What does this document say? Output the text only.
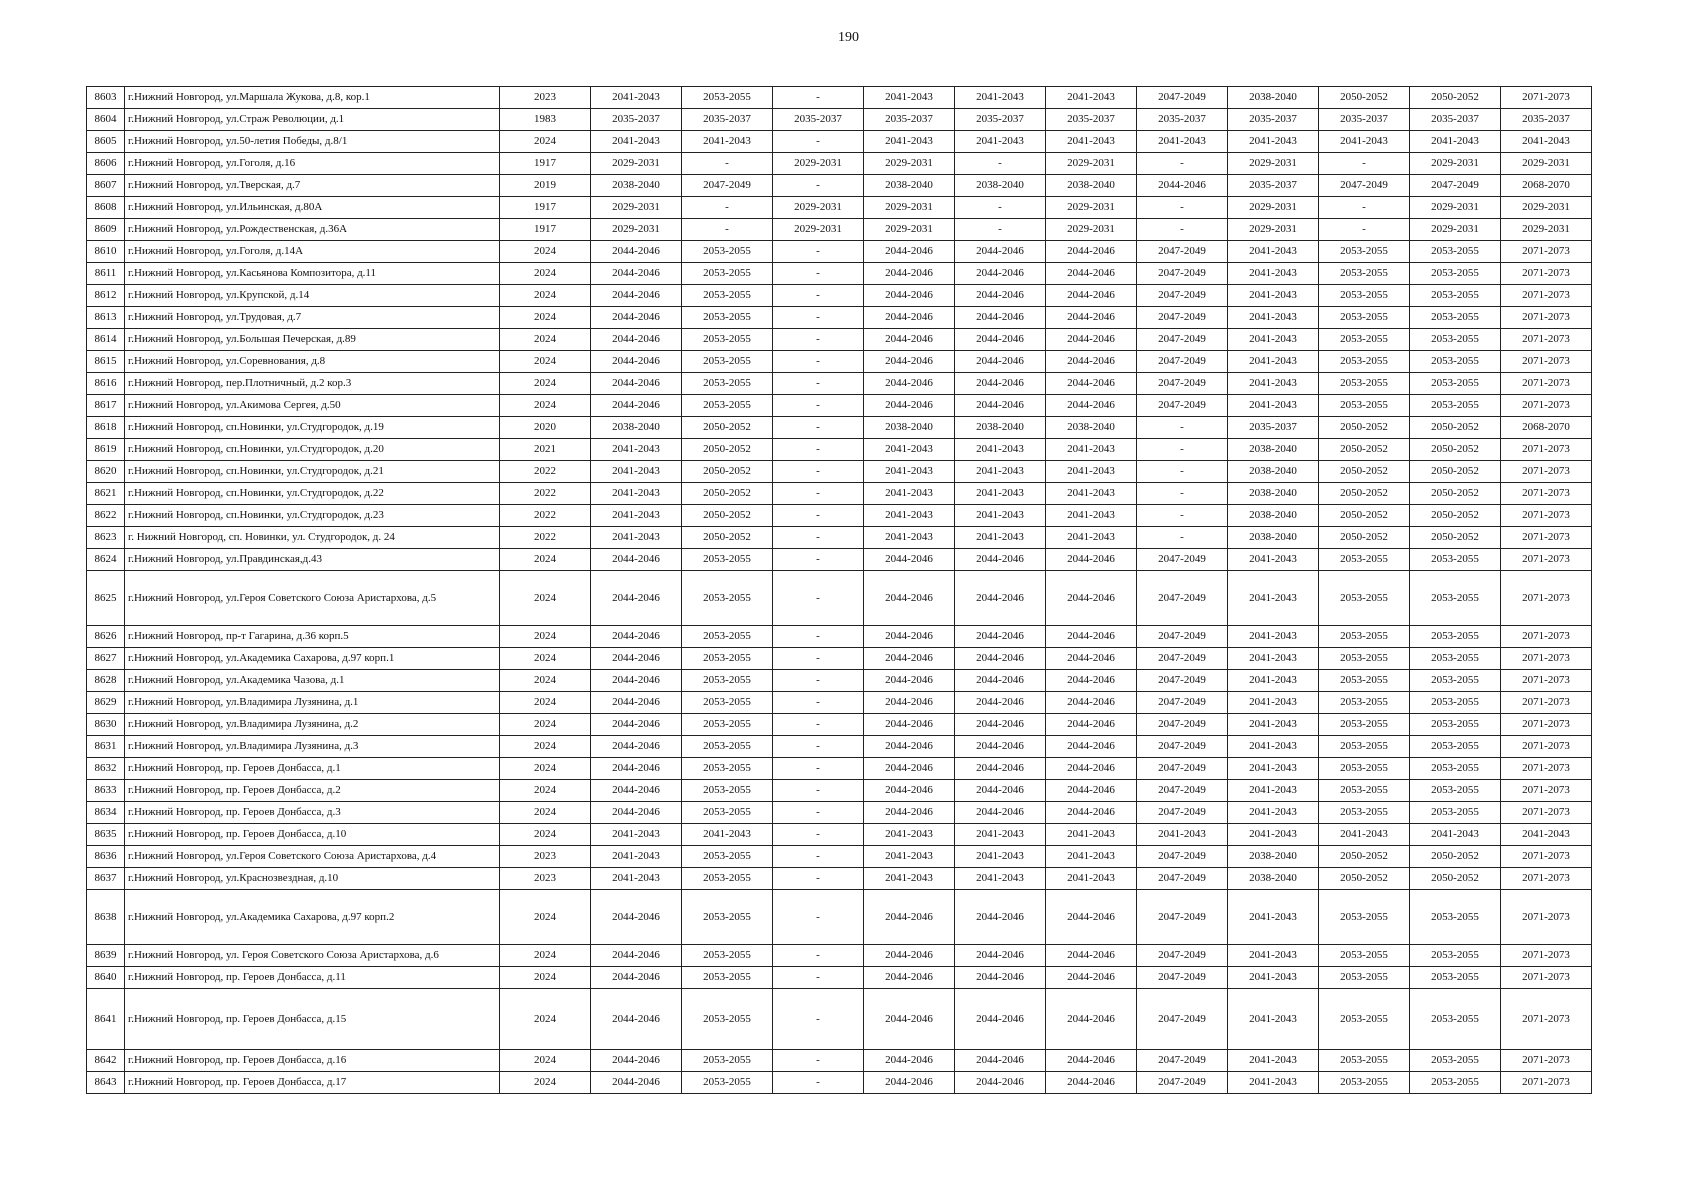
190
8603	г.Нижний Новгород, ул.Маршала Жукова, д.8, кор.1	2023	2041-2043	2053-2055	-	2041-2043	2041-2043	2041-2043	2047-2049	2038-2040	2050-2052	2050-2052	2071-2073
8604	г.Нижний Новгород, ул.Страж Революции, д.1	1983	2035-2037	2035-2037	2035-2037	2035-2037	2035-2037	2035-2037	2035-2037	2035-2037	2035-2037	2035-2037	2035-2037
8605	г.Нижний Новгород, ул.50-летия Победы, д.8/1	2024	2041-2043	2041-2043	-	2041-2043	2041-2043	2041-2043	2041-2043	2041-2043	2041-2043	2041-2043	2041-2043
8606	г.Нижний Новгород, ул.Гоголя, д.16	1917	2029-2031	-	2029-2031	2029-2031	-	2029-2031	-	2029-2031	-	2029-2031	2029-2031
8607	г.Нижний Новгород, ул.Тверская, д.7	2019	2038-2040	2047-2049	-	2038-2040	2038-2040	2038-2040	2044-2046	2035-2037	2047-2049	2047-2049	2068-2070
8608	г.Нижний Новгород, ул.Ильинская, д.80А	1917	2029-2031	-	2029-2031	2029-2031	-	2029-2031	-	2029-2031	-	2029-2031	2029-2031
8609	г.Нижний Новгород, ул.Рождественская, д.36А	1917	2029-2031	-	2029-2031	2029-2031	-	2029-2031	-	2029-2031	-	2029-2031	2029-2031
8610	г.Нижний Новгород, ул.Гоголя, д.14А	2024	2044-2046	2053-2055	-	2044-2046	2044-2046	2044-2046	2047-2049	2041-2043	2053-2055	2053-2055	2071-2073
8611	г.Нижний Новгород, ул.Касьянова Композитора, д.11	2024	2044-2046	2053-2055	-	2044-2046	2044-2046	2044-2046	2047-2049	2041-2043	2053-2055	2053-2055	2071-2073
8612	г.Нижний Новгород, ул.Крупской, д.14	2024	2044-2046	2053-2055	-	2044-2046	2044-2046	2044-2046	2047-2049	2041-2043	2053-2055	2053-2055	2071-2073
8613	г.Нижний Новгород, ул.Трудовая, д.7	2024	2044-2046	2053-2055	-	2044-2046	2044-2046	2044-2046	2047-2049	2041-2043	2053-2055	2053-2055	2071-2073
8614	г.Нижний Новгород, ул.Большая Печерская, д.89	2024	2044-2046	2053-2055	-	2044-2046	2044-2046	2044-2046	2047-2049	2041-2043	2053-2055	2053-2055	2071-2073
8615	г.Нижний Новгород, ул.Соревнования, д.8	2024	2044-2046	2053-2055	-	2044-2046	2044-2046	2044-2046	2047-2049	2041-2043	2053-2055	2053-2055	2071-2073
8616	г.Нижний Новгород, пер.Плотничный, д.2 кор.3	2024	2044-2046	2053-2055	-	2044-2046	2044-2046	2044-2046	2047-2049	2041-2043	2053-2055	2053-2055	2071-2073
8617	г.Нижний Новгород, ул.Акимова Сергея, д.50	2024	2044-2046	2053-2055	-	2044-2046	2044-2046	2044-2046	2047-2049	2041-2043	2053-2055	2053-2055	2071-2073
8618	г.Нижний Новгород, сп.Новинки, ул.Студгородок, д.19	2020	2038-2040	2050-2052	-	2038-2040	2038-2040	2038-2040	-	2035-2037	2050-2052	2050-2052	2068-2070
8619	г.Нижний Новгород, сп.Новинки, ул.Студгородок, д.20	2021	2041-2043	2050-2052	-	2041-2043	2041-2043	2041-2043	-	2038-2040	2050-2052	2050-2052	2071-2073
8620	г.Нижний Новгород, сп.Новинки, ул.Студгородок, д.21	2022	2041-2043	2050-2052	-	2041-2043	2041-2043	2041-2043	-	2038-2040	2050-2052	2050-2052	2071-2073
8621	г.Нижний Новгород, сп.Новинки, ул.Студгородок, д.22	2022	2041-2043	2050-2052	-	2041-2043	2041-2043	2041-2043	-	2038-2040	2050-2052	2050-2052	2071-2073
8622	г.Нижний Новгород, сп.Новинки, ул.Студгородок, д.23	2022	2041-2043	2050-2052	-	2041-2043	2041-2043	2041-2043	-	2038-2040	2050-2052	2050-2052	2071-2073
8623	г. Нижний Новгород, сп. Новинки, ул. Студгородок, д. 24	2022	2041-2043	2050-2052	-	2041-2043	2041-2043	2041-2043	-	2038-2040	2050-2052	2050-2052	2071-2073
8624	г.Нижний Новгород, ул.Правдинская,д.43	2024	2044-2046	2053-2055	-	2044-2046	2044-2046	2044-2046	2047-2049	2041-2043	2053-2055	2053-2055	2071-2073
8625	г.Нижний Новгород, ул.Героя Советского Союза Аристархова, д.5	2024	2044-2046	2053-2055	-	2044-2046	2044-2046	2044-2046	2047-2049	2041-2043	2053-2055	2053-2055	2071-2073
8626	г.Нижний Новгород, пр-т Гагарина, д.36 корп.5	2024	2044-2046	2053-2055	-	2044-2046	2044-2046	2044-2046	2047-2049	2041-2043	2053-2055	2053-2055	2071-2073
8627	г.Нижний Новгород, ул.Академика Сахарова, д.97 корп.1	2024	2044-2046	2053-2055	-	2044-2046	2044-2046	2044-2046	2047-2049	2041-2043	2053-2055	2053-2055	2071-2073
8628	г.Нижний Новгород, ул.Академика Чазова, д.1	2024	2044-2046	2053-2055	-	2044-2046	2044-2046	2044-2046	2047-2049	2041-2043	2053-2055	2053-2055	2071-2073
8629	г.Нижний Новгород, ул.Владимира Лузянина, д.1	2024	2044-2046	2053-2055	-	2044-2046	2044-2046	2044-2046	2047-2049	2041-2043	2053-2055	2053-2055	2071-2073
8630	г.Нижний Новгород, ул.Владимира Лузянина, д.2	2024	2044-2046	2053-2055	-	2044-2046	2044-2046	2044-2046	2047-2049	2041-2043	2053-2055	2053-2055	2071-2073
8631	г.Нижний Новгород, ул.Владимира Лузянина, д.3	2024	2044-2046	2053-2055	-	2044-2046	2044-2046	2044-2046	2047-2049	2041-2043	2053-2055	2053-2055	2071-2073
8632	г.Нижний Новгород, пр. Героев Донбасса, д.1	2024	2044-2046	2053-2055	-	2044-2046	2044-2046	2044-2046	2047-2049	2041-2043	2053-2055	2053-2055	2071-2073
8633	г.Нижний Новгород, пр. Героев Донбасса, д.2	2024	2044-2046	2053-2055	-	2044-2046	2044-2046	2044-2046	2047-2049	2041-2043	2053-2055	2053-2055	2071-2073
8634	г.Нижний Новгород, пр. Героев Донбасса, д.3	2024	2044-2046	2053-2055	-	2044-2046	2044-2046	2044-2046	2047-2049	2041-2043	2053-2055	2053-2055	2071-2073
8635	г.Нижний Новгород, пр. Героев Донбасса, д.10	2024	2041-2043	2041-2043	-	2041-2043	2041-2043	2041-2043	2041-2043	2041-2043	2041-2043	2041-2043	2041-2043
8636	г.Нижний Новгород, ул.Героя Советского Союза Аристархова, д.4	2023	2041-2043	2053-2055	-	2041-2043	2041-2043	2041-2043	2047-2049	2038-2040	2050-2052	2050-2052	2071-2073
8637	г.Нижний Новгород, ул.Краснозвездная, д.10	2023	2041-2043	2053-2055	-	2041-2043	2041-2043	2041-2043	2047-2049	2038-2040	2050-2052	2050-2052	2071-2073
8638	г.Нижний Новгород, ул.Академика Сахарова, д.97 корп.2	2024	2044-2046	2053-2055	-	2044-2046	2044-2046	2044-2046	2047-2049	2041-2043	2053-2055	2053-2055	2071-2073
8639	г.Нижний Новгород, ул. Героя Советского Союза Аристархова, д.6	2024	2044-2046	2053-2055	-	2044-2046	2044-2046	2044-2046	2047-2049	2041-2043	2053-2055	2053-2055	2071-2073
8640	г.Нижний Новгород, пр. Героев Донбасса, д.11	2024	2044-2046	2053-2055	-	2044-2046	2044-2046	2044-2046	2047-2049	2041-2043	2053-2055	2053-2055	2071-2073
8641	г.Нижний Новгород, пр. Героев Донбасса, д.15	2024	2044-2046	2053-2055	-	2044-2046	2044-2046	2044-2046	2047-2049	2041-2043	2053-2055	2053-2055	2071-2073
8642	г.Нижний Новгород, пр. Героев Донбасса, д.16	2024	2044-2046	2053-2055	-	2044-2046	2044-2046	2044-2046	2047-2049	2041-2043	2053-2055	2053-2055	2071-2073
8643	г.Нижний Новгород, пр. Героев Донбасса, д.17	2024	2044-2046	2053-2055	-	2044-2046	2044-2046	2044-2046	2047-2049	2041-2043	2053-2055	2053-2055	2071-2073
